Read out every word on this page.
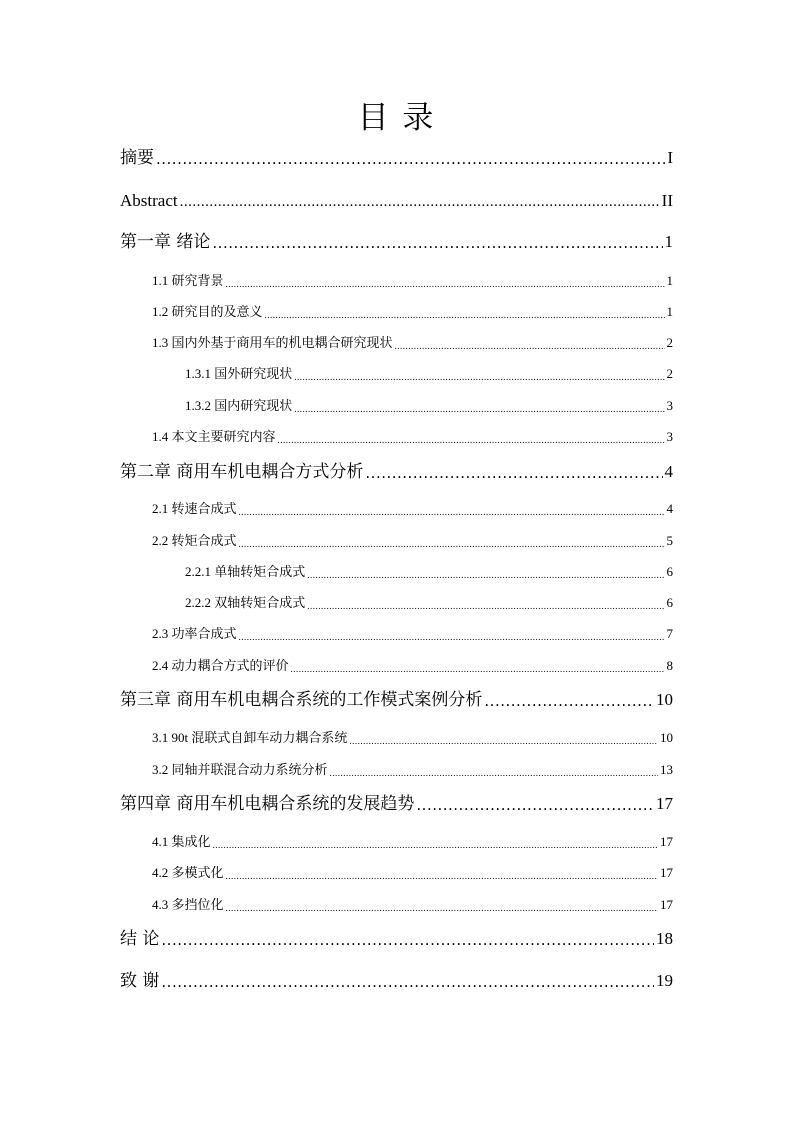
目 录
摘要 .....	I
Abstract .....	II
第一章 绪论 .....	1
1.1 研究背景 .....	1
1.2 研究目的及意义 .....	1
1.3 国内外基于商用车的机电耦合研究现状 .....	2
1.3.1 国外研究现状 .....	2
1.3.2 国内研究现状 .....	3
1.4 本文主要研究内容 .....	3
第二章 商用车机电耦合方式分析 .....	4
2.1 转速合成式 .....	4
2.2 转矩合成式 .....	5
2.2.1 单轴转矩合成式 .....	6
2.2.2 双轴转矩合成式 .....	6
2.3 功率合成式 .....	7
2.4 动力耦合方式的评价 .....	8
第三章 商用车机电耦合系统的工作模式案例分析 .....	10
3.1 90t 混联式自卸车动力耦合系统 .....	10
3.2 同轴并联混合动力系统分析 .....	13
第四章 商用车机电耦合系统的发展趋势 .....	17
4.1 集成化 .....	17
4.2 多模式化 .....	17
4.3 多挡位化 .....	17
结 论 .....	18
致 谢 .....	19
